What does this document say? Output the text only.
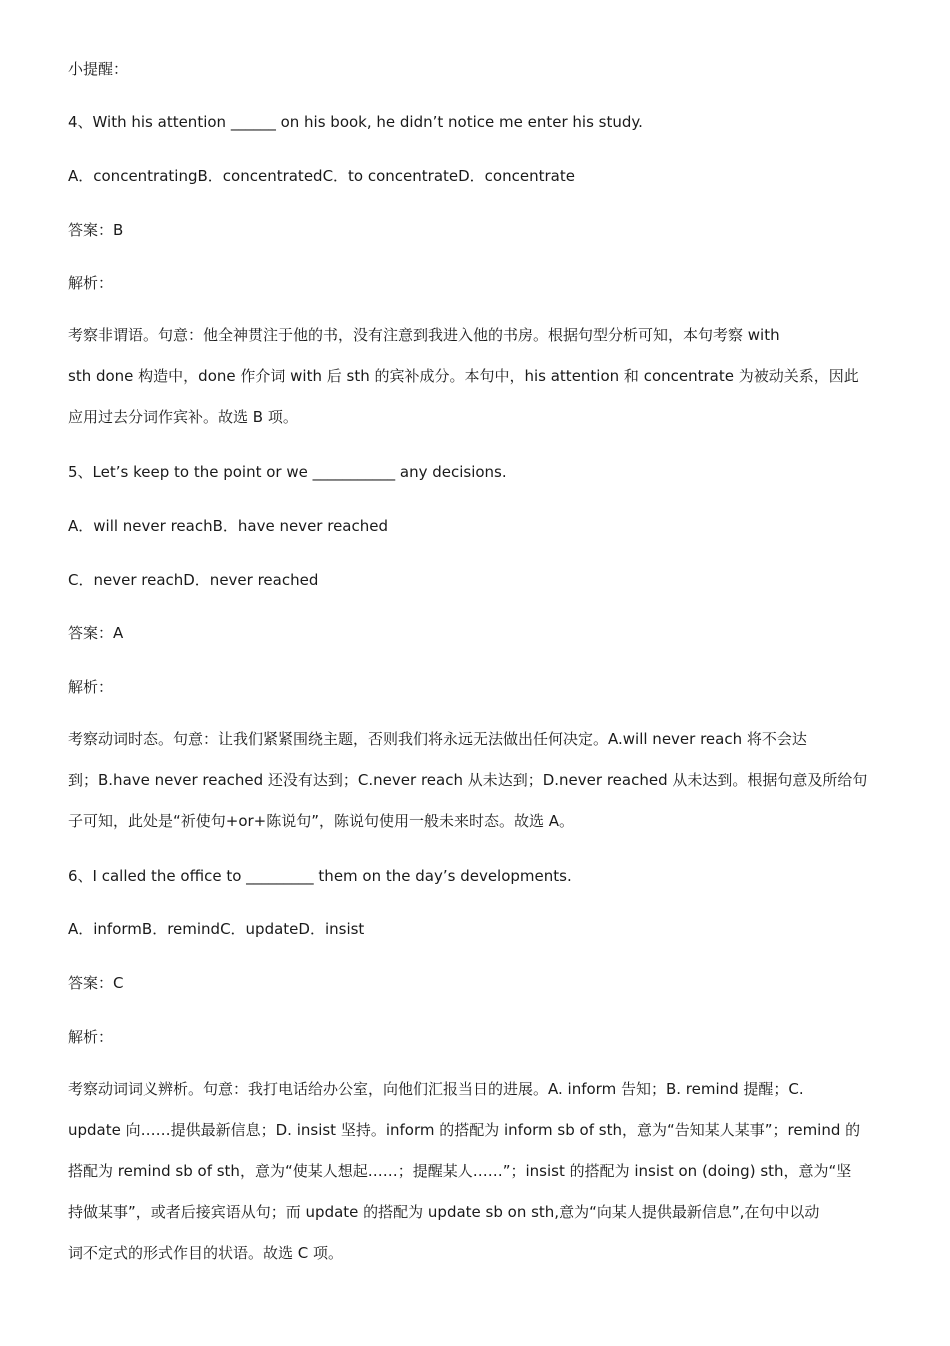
小提醒：
4、With his attention ______ on his book, he didn’t notice me enter his study.
A．concentratingB．concentratedC．to concentrateD．concentrate
答案：B
解析：
考察非谓语。句意：他全神贯注于他的书，没有注意到我进入他的书房。根据句型分析可知，本句考察 with
sth done 构造中，done 作介词 with 后 sth 的宾补成分。本句中，his attention 和 concentrate 为被动关系，因此
应用过去分词作宾补。故选 B 项。
5、Let’s keep to the point or we ___________ any decisions.
A．will never reachB．have never reached
C．never reachD．never reached
答案：A
解析：
考察动词时态。句意：让我们紧紧围绕主题，否则我们将永远无法做出任何决定。A.will never reach 将不会达
到；B.have never reached 还没有达到；C.never reach 从未达到；D.never reached 从未达到。根据句意及所给句
子可知，此处是“祈使句+or+陈说句”，陈说句使用一般未来时态。故选 A。
6、I called the office to _________ them on the day’s developments.
A．informB．remindC．updateD．insist
答案：C
解析：
考察动词词义辨析。句意：我打电话给办公室，向他们汇报当日的进展。A. inform 告知；B. remind 提醒；C.
update 向……提供最新信息；D. insist 坚持。inform 的搭配为 inform sb of sth，意为“告知某人某事”；remind 的
搭配为 remind sb of sth，意为“使某人想起……；提醒某人……”；insist 的搭配为 insist on (doing) sth，意为“坚
持做某事”，或者后接宾语从句；而 update 的搭配为 update sb on sth,意为“向某人提供最新信息”,在句中以动
词不定式的形式作目的状语。故选 C 项。
